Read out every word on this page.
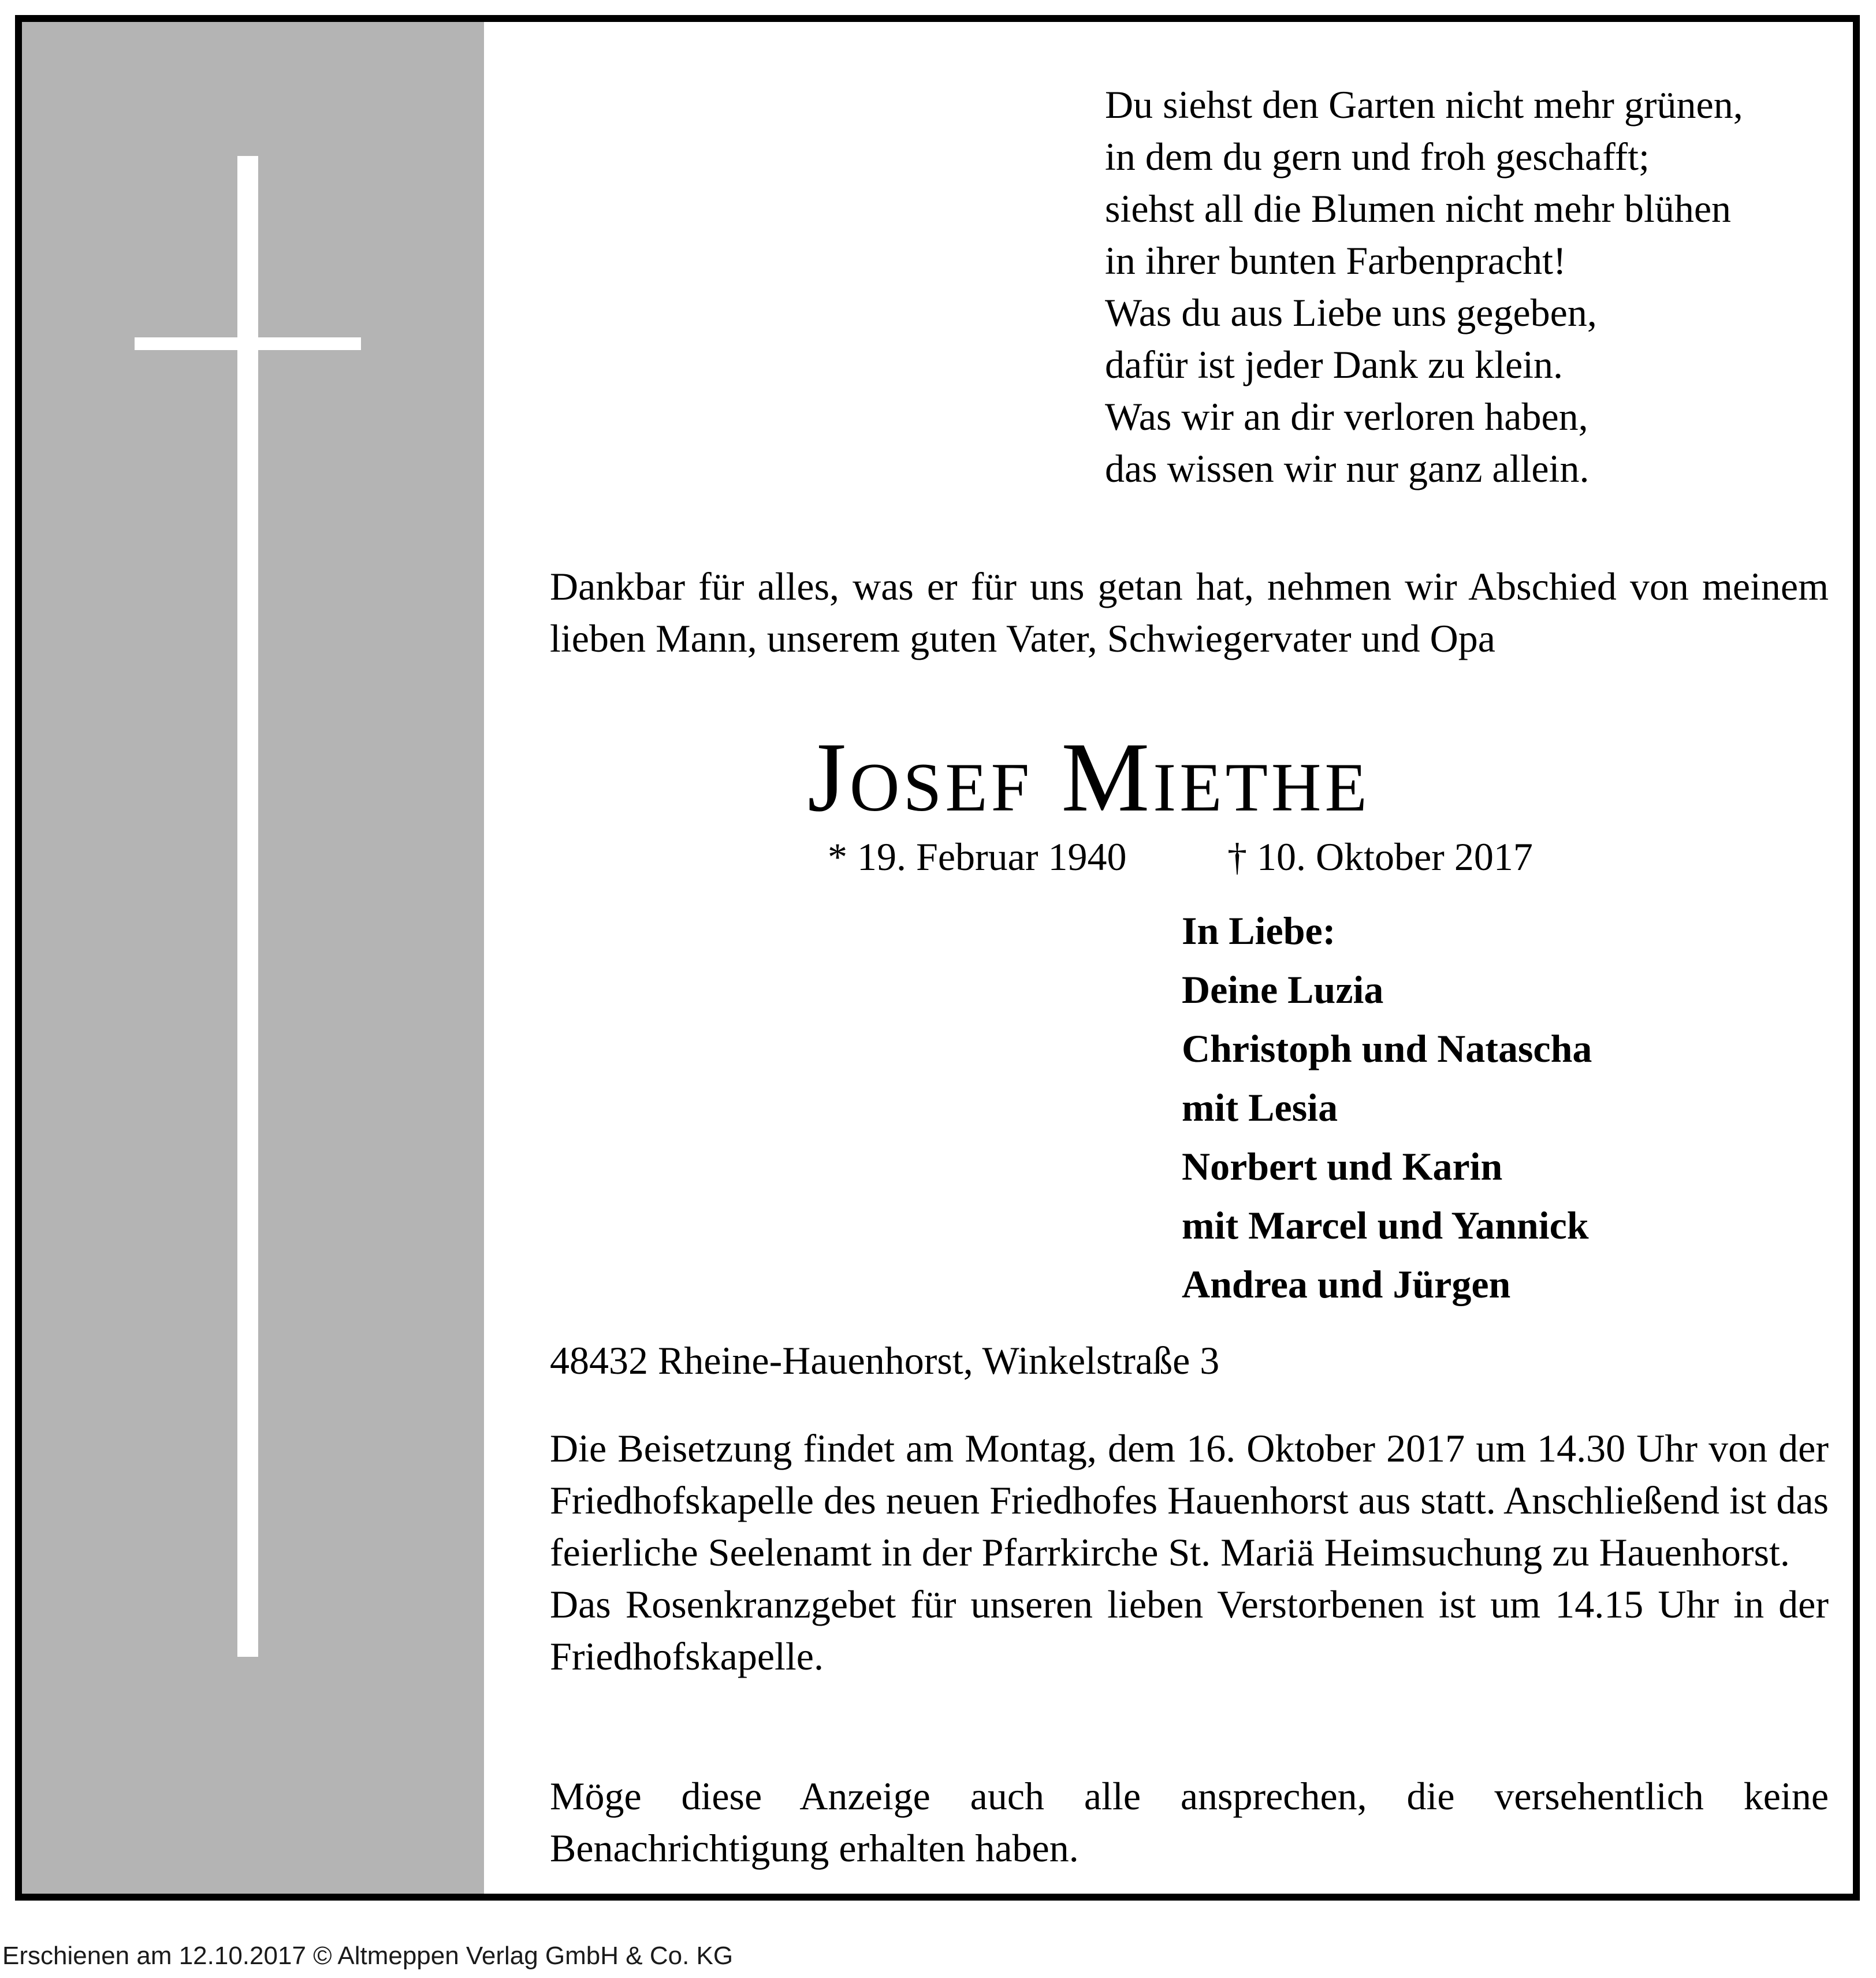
Du siehst den Garten nicht mehr grünen,
in dem du gern und froh geschafft;
siehst all die Blumen nicht mehr blühen
in ihrer bunten Farbenpracht!
Was du aus Liebe uns gegeben,
dafür ist jeder Dank zu klein.
Was wir an dir verloren haben,
das wissen wir nur ganz allein.
Dankbar für alles, was er für uns getan hat, nehmen wir Abschied von meinem lieben Mann, unserem guten Vater, Schwiegervater und Opa
Josef Miethe
* 19. Februar 1940	† 10. Oktober 2017
In Liebe:
Deine Luzia
Christoph und Natascha
mit Lesia
Norbert und Karin
mit Marcel und Yannick
Andrea und Jürgen
48432 Rheine-Hauenhorst, Winkelstraße 3
Die Beisetzung findet am Montag, dem 16. Oktober 2017 um 14.30 Uhr von der Friedhofskapelle des neuen Friedhofes Hauenhorst aus statt. Anschließend ist das feierliche Seelenamt in der Pfarrkirche St. Mariä Heimsuchung zu Hauenhorst.
Das Rosenkranzgebet für unseren lieben Verstorbenen ist um 14.15 Uhr in der Friedhofskapelle.
Möge diese Anzeige auch alle ansprechen, die versehentlich keine Benachrichtigung erhalten haben.
Erschienen am 12.10.2017 © Altmeppen Verlag GmbH & Co. KG
